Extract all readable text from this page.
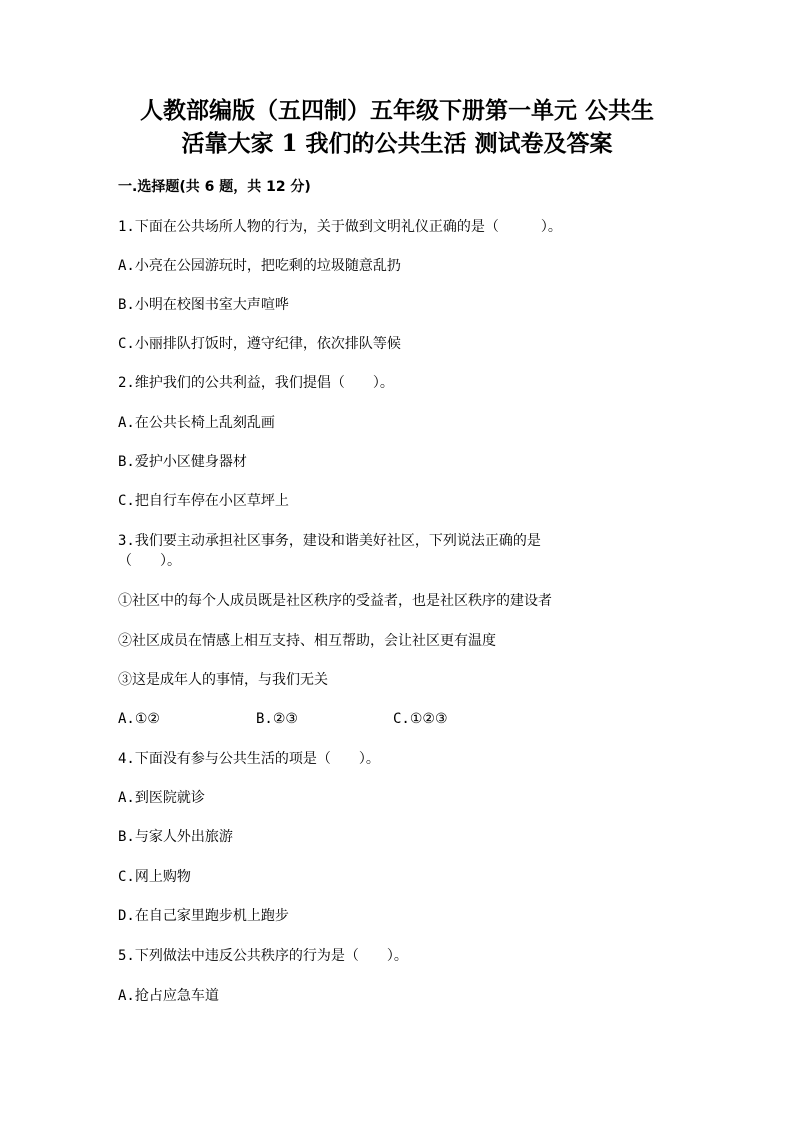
人教部编版（五四制）五年级下册第一单元 公共生
活靠大家 1 我们的公共生活 测试卷及答案
一.选择题(共 6 题，共 12 分)
1.下面在公共场所人物的行为，关于做到文明礼仪正确的是（　　　）。
A.小亮在公园游玩时，把吃剩的垃圾随意乱扔
B.小明在校图书室大声喧哗
C.小丽排队打饭时，遵守纪律，依次排队等候
2.维护我们的公共利益，我们提倡（　　）。
A.在公共长椅上乱刻乱画
B.爱护小区健身器材
C.把自行车停在小区草坪上
3.我们要主动承担社区事务，建设和谐美好社区，下列说法正确的是
（　　）。
①社区中的每个人成员既是社区秩序的受益者，也是社区秩序的建设者
②社区成员在情感上相互支持、相互帮助，会让社区更有温度
③这是成年人的事情，与我们无关
A.①②	B.②③	C.①②③
4.下面没有参与公共生活的项是（　　）。
A.到医院就诊
B.与家人外出旅游
C.网上购物
D.在自己家里跑步机上跑步
5.下列做法中违反公共秩序的行为是（　　）。
A.抢占应急车道
